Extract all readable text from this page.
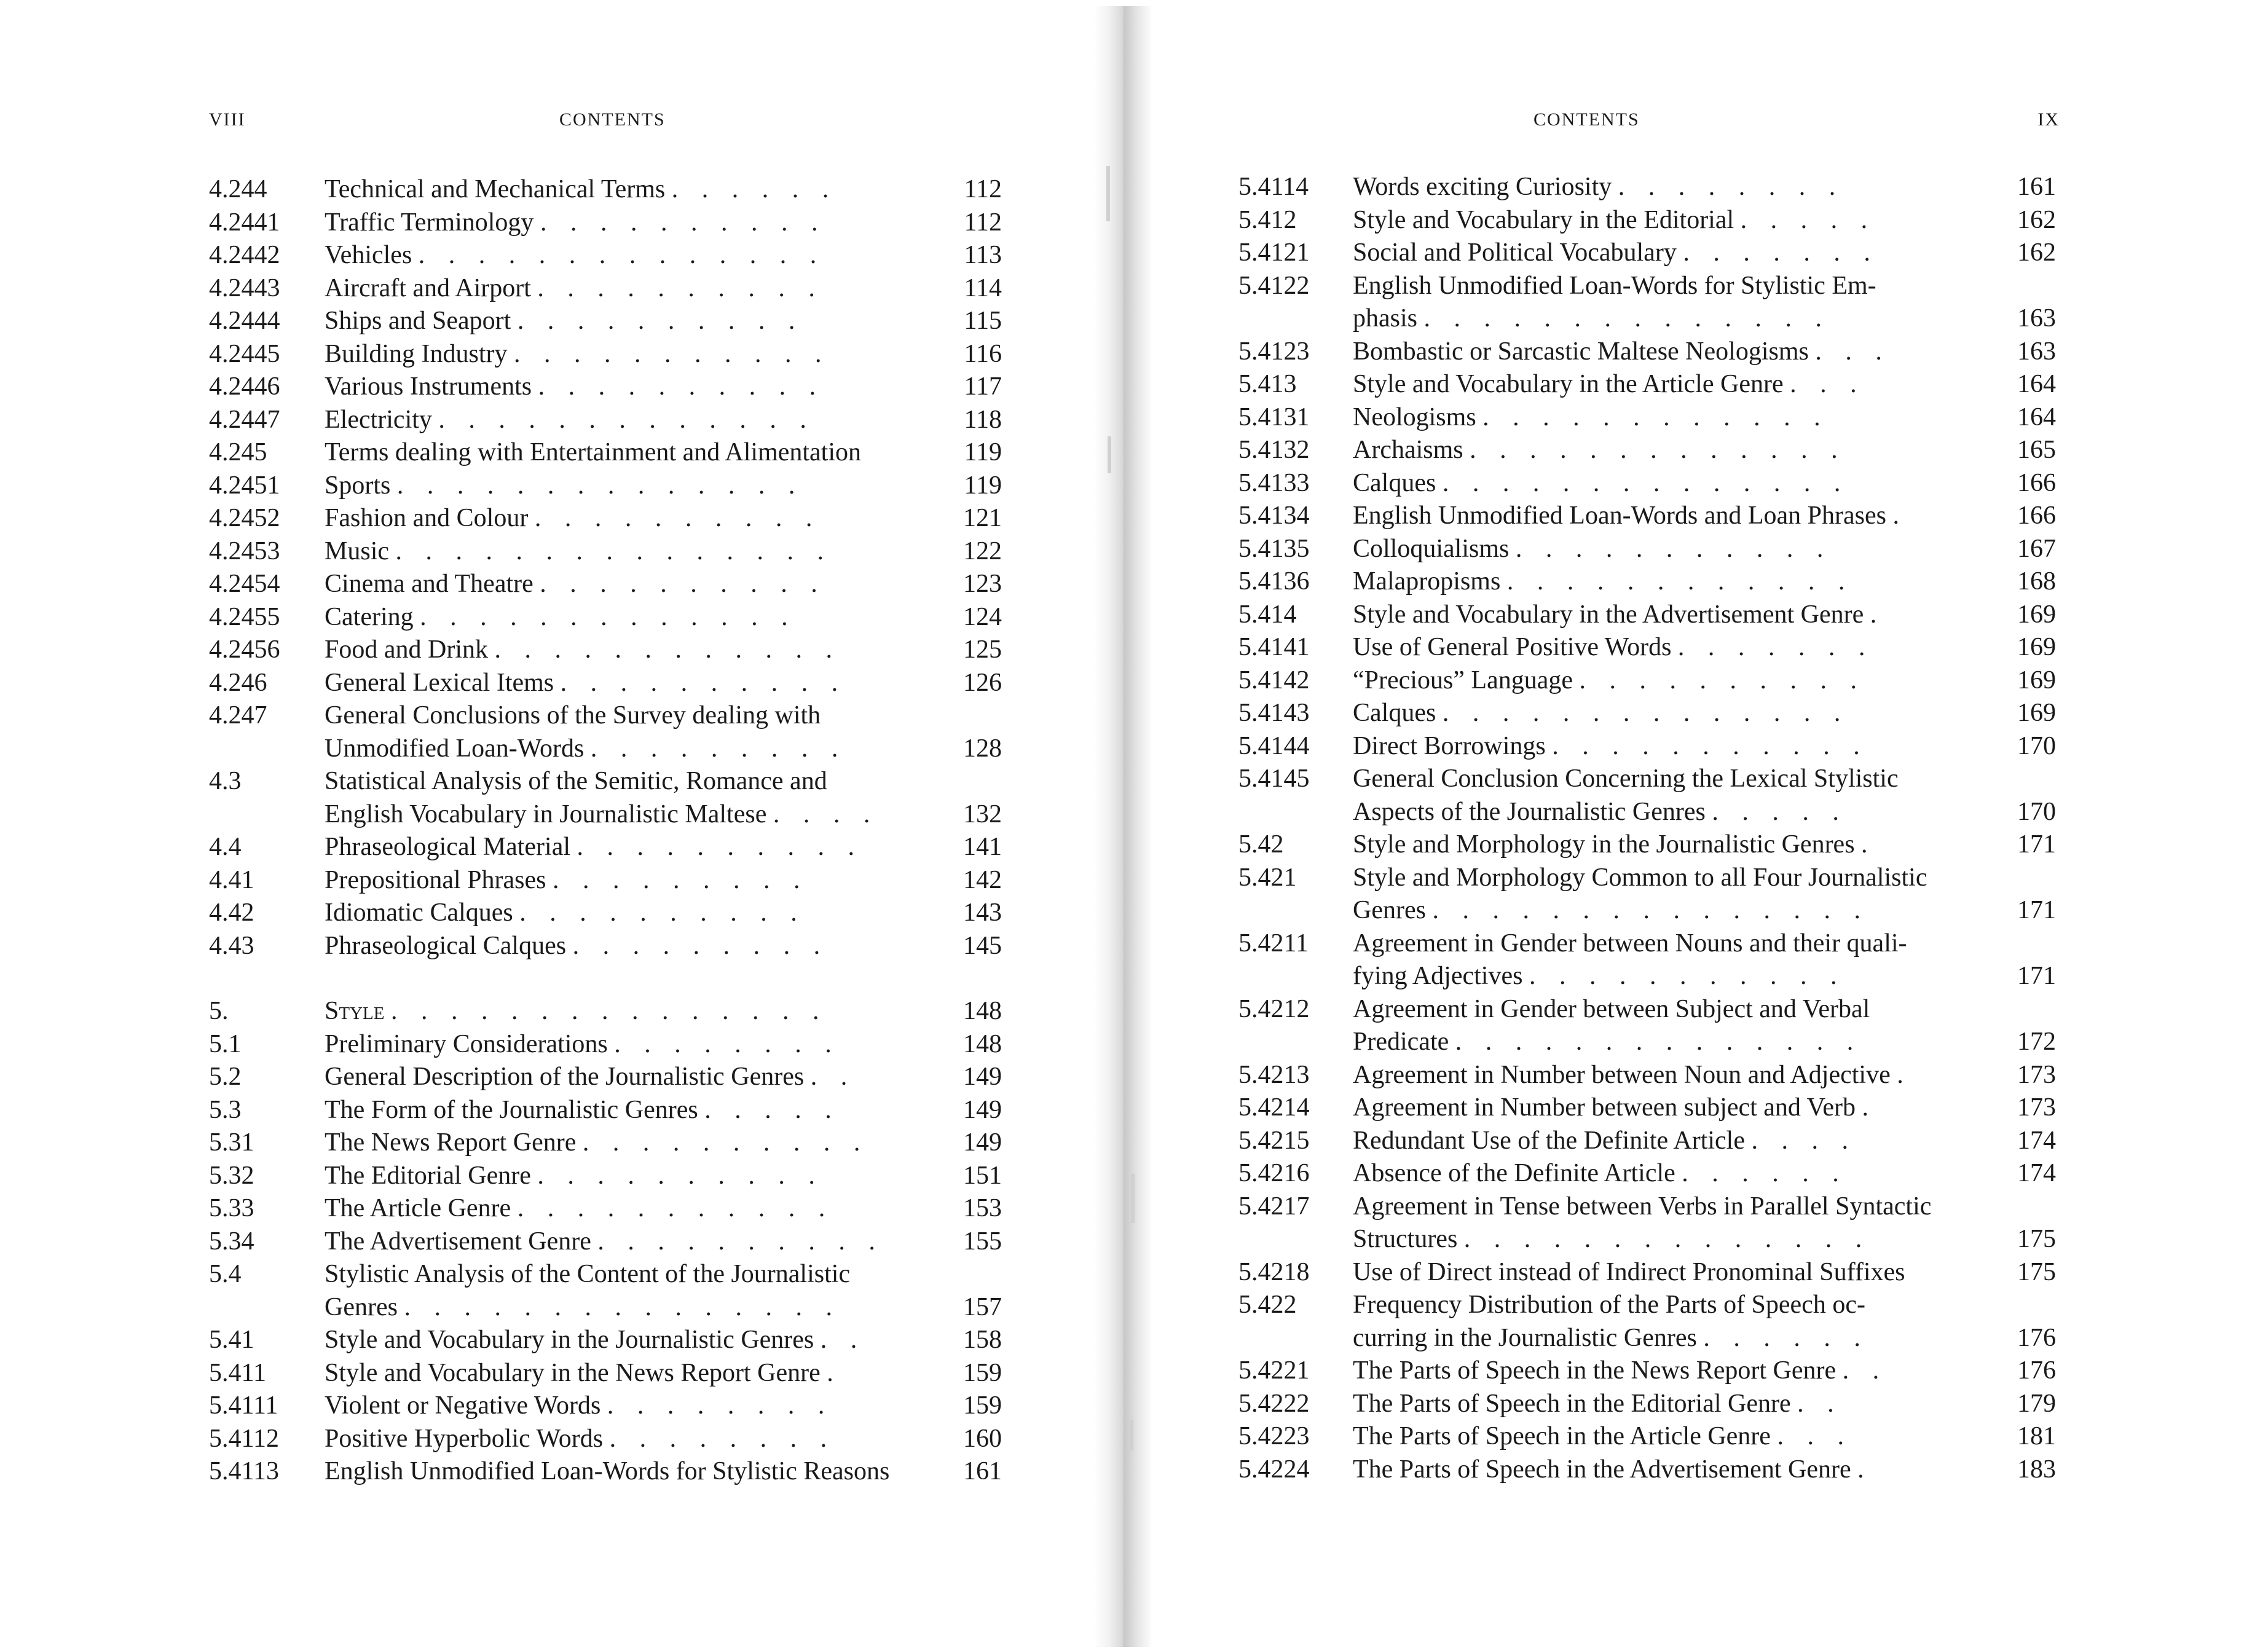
VIII	CONTENTS
4.244	Technical and Mechanical Terms . . . . . .	112
4.2441	Traffic Terminology . . . . . . . . . .	112
4.2442	Vehicles . . . . . . . . . . . . . .	113
4.2443	Aircraft and Airport . . . . . . . . . .	114
4.2444	Ships and Seaport . . . . . . . . . .	115
4.2445	Building Industry . . . . . . . . . . .	116
4.2446	Various Instruments . . . . . . . . . .	117
4.2447	Electricity . . . . . . . . . . . . .	118
4.245	Terms dealing with Entertainment and Alimentation	119
4.2451	Sports . . . . . . . . . . . . . .	119
4.2452	Fashion and Colour . . . . . . . . . .	121
4.2453	Music . . . . . . . . . . . . . . .	122
4.2454	Cinema and Theatre . . . . . . . . . .	123
4.2455	Catering . . . . . . . . . . . . .	124
4.2456	Food and Drink . . . . . . . . . . . .	125
4.246	General Lexical Items . . . . . . . . . .	126
4.247	General Conclusions of the Survey dealing with
Unmodified Loan-Words . . . . . . . . .	128
4.3	Statistical Analysis of the Semitic, Romance and
English Vocabulary in Journalistic Maltese . . . .	132
4.4	Phraseological Material . . . . . . . . . .	141
4.41	Prepositional Phrases . . . . . . . . .	142
4.42	Idiomatic Calques . . . . . . . . . .	143
4.43	Phraseological Calques . . . . . . . . .	145
5.	Style . . . . . . . . . . . . . . .	148
5.1	Preliminary Considerations . . . . . . . .	148
5.2	General Description of the Journalistic Genres . .	149
5.3	The Form of the Journalistic Genres . . . . .	149
5.31	The News Report Genre . . . . . . . . . .	149
5.32	The Editorial Genre . . . . . . . . . .	151
5.33	The Article Genre . . . . . . . . . . .	153
5.34	The Advertisement Genre . . . . . . . . . .	155
5.4	Stylistic Analysis of the Content of the Journalistic
Genres . . . . . . . . . . . . . . .	157
5.41	Style and Vocabulary in the Journalistic Genres . .	158
5.411	Style and Vocabulary in the News Report Genre .	159
5.4111	Violent or Negative Words . . . . . . . .	159
5.4112	Positive Hyperbolic Words . . . . . . . .	160
5.4113	English Unmodified Loan-Words for Stylistic Reasons	161
CONTENTS	IX
5.4114	Words exciting Curiosity . . . . . . . .	161
5.412	Style and Vocabulary in the Editorial . . . . .	162
5.4121	Social and Political Vocabulary . . . . . . .	162
5.4122	English Unmodified Loan-Words for Stylistic Em-
phasis . . . . . . . . . . . . . .	163
5.4123	Bombastic or Sarcastic Maltese Neologisms . . .	163
5.413	Style and Vocabulary in the Article Genre . . .	164
5.4131	Neologisms . . . . . . . . . . . .	164
5.4132	Archaisms . . . . . . . . . . . . .	165
5.4133	Calques . . . . . . . . . . . . . .	166
5.4134	English Unmodified Loan-Words and Loan Phrases .	166
5.4135	Colloquialisms . . . . . . . . . . .	167
5.4136	Malapropisms . . . . . . . . . . . .	168
5.414	Style and Vocabulary in the Advertisement Genre .	169
5.4141	Use of General Positive Words . . . . . . .	169
5.4142	“Precious” Language . . . . . . . . . .	169
5.4143	Calques . . . . . . . . . . . . . .	169
5.4144	Direct Borrowings . . . . . . . . . . .	170
5.4145	General Conclusion Concerning the Lexical Stylistic
Aspects of the Journalistic Genres . . . . .	170
5.42	Style and Morphology in the Journalistic Genres .	171
5.421	Style and Morphology Common to all Four Journalistic
Genres . . . . . . . . . . . . . . .	171
5.4211	Agreement in Gender between Nouns and their quali-
fying Adjectives . . . . . . . . . . .	171
5.4212	Agreement in Gender between Subject and Verbal
Predicate . . . . . . . . . . . . . .	172
5.4213	Agreement in Number between Noun and Adjective .	173
5.4214	Agreement in Number between subject and Verb .	173
5.4215	Redundant Use of the Definite Article . . . .	174
5.4216	Absence of the Definite Article . . . . . .	174
5.4217	Agreement in Tense between Verbs in Parallel Syntactic
Structures . . . . . . . . . . . . . .	175
5.4218	Use of Direct instead of Indirect Pronominal Suffixes	175
5.422	Frequency Distribution of the Parts of Speech oc-
curring in the Journalistic Genres . . . . . .	176
5.4221	The Parts of Speech in the News Report Genre . .	176
5.4222	The Parts of Speech in the Editorial Genre . .	179
5.4223	The Parts of Speech in the Article Genre . . .	181
5.4224	The Parts of Speech in the Advertisement Genre .	183
